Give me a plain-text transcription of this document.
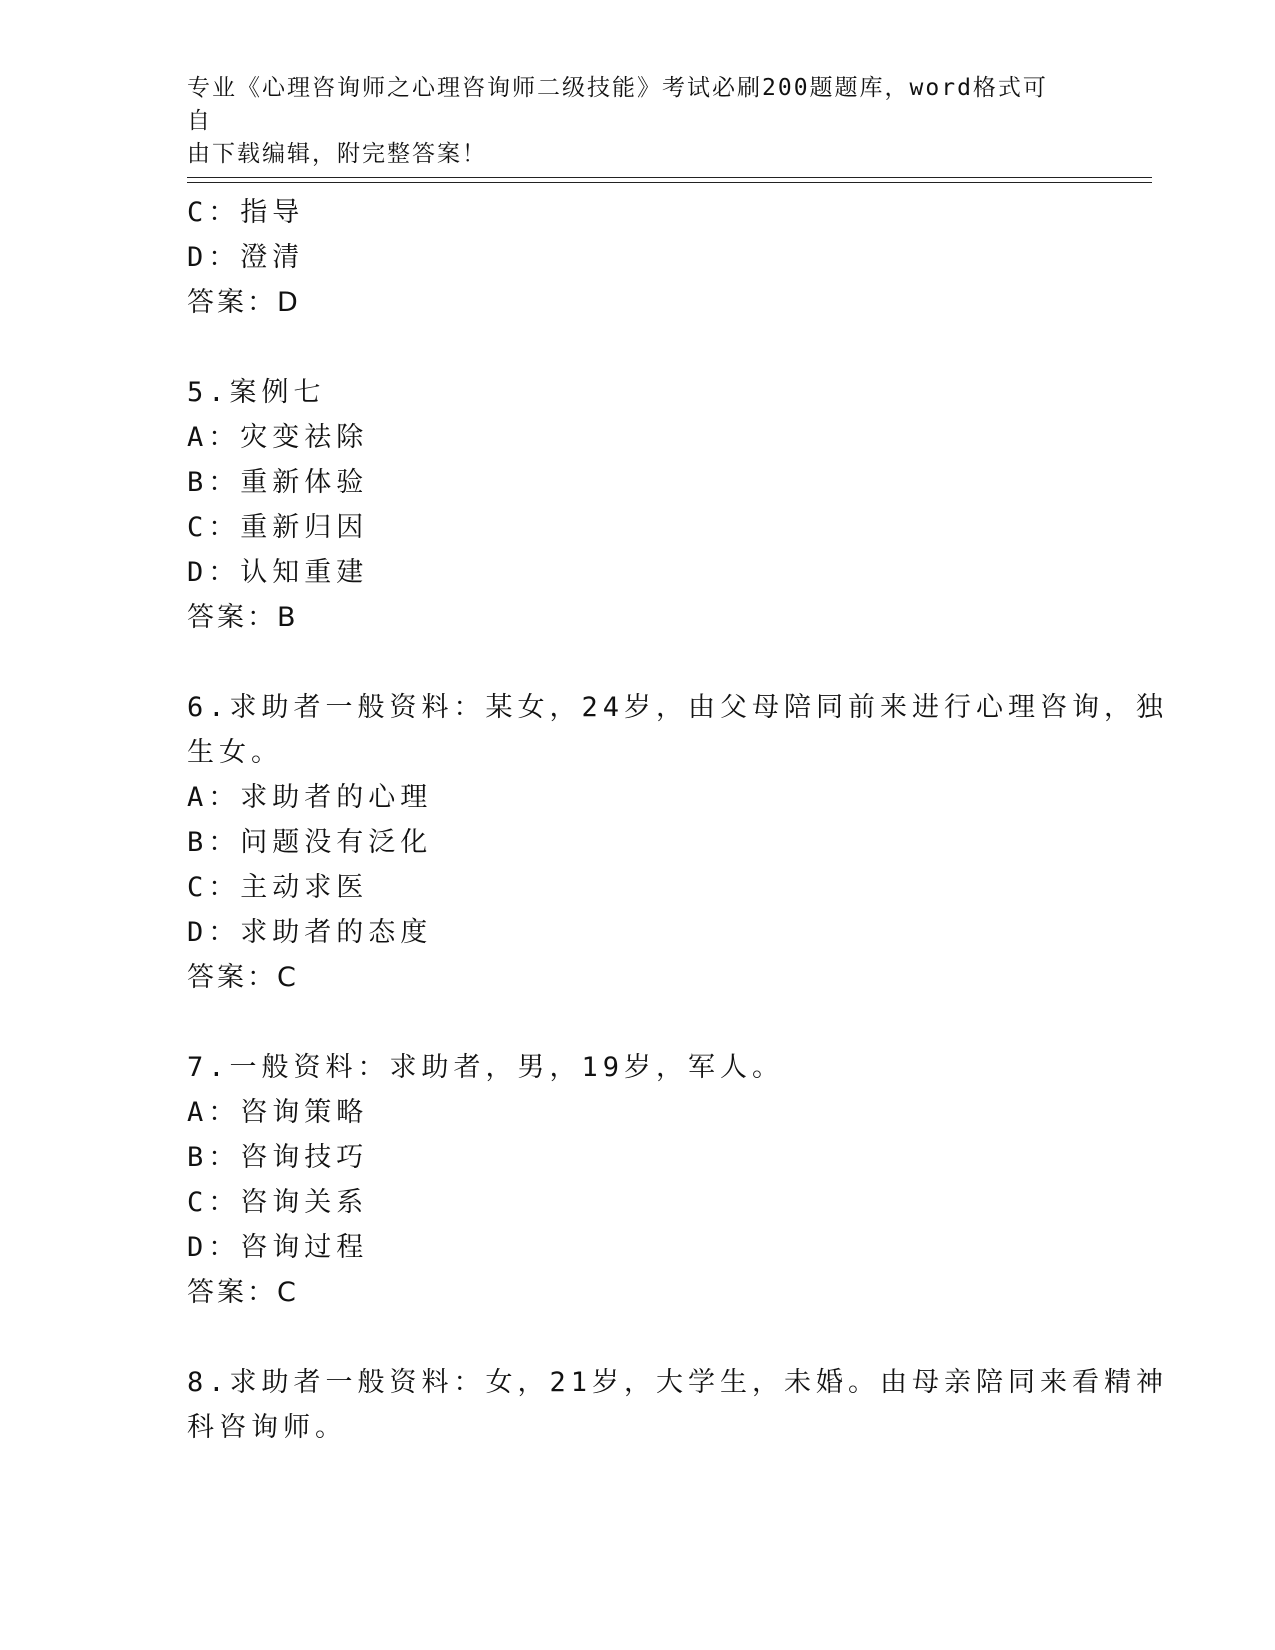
专业《心理咨询师之心理咨询师二级技能》考试必刷200题题库，word格式可自
由下载编辑，附完整答案！
C：指导
D：澄清
答案：D
5.案例七
A：灾变祛除
B：重新体验
C：重新归因
D：认知重建
答案：B
6.求助者一般资料：某女，24岁，由父母陪同前来进行心理咨询，独
生女。
A：求助者的心理
B：问题没有泛化
C：主动求医
D：求助者的态度
答案：C
7.一般资料：求助者，男，19岁，军人。
A：咨询策略
B：咨询技巧
C：咨询关系
D：咨询过程
答案：C
8.求助者一般资料：女，21岁，大学生，未婚。由母亲陪同来看精神
科咨询师。
